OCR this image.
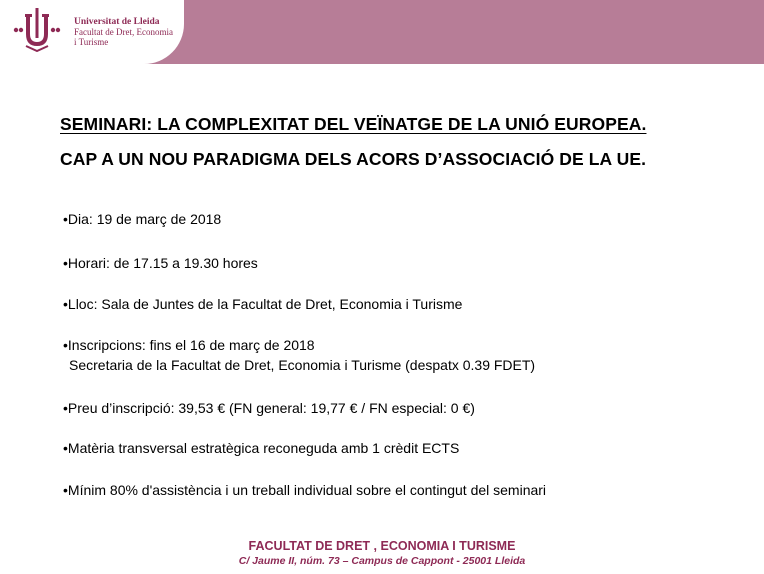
Universitat de Lleida
Facultat de Dret, Economia
i Turisme
SEMINARI: LA COMPLEXITAT DEL VEÏNATGE DE LA UNIÓ EUROPEA.
CAP A UN NOU PARADIGMA DELS ACORS D’ASSOCIACIÓ DE LA UE.
•Dia: 19 de març de 2018
•Horari: de 17.15 a 19.30 hores
•Lloc: Sala de Juntes de la Facultat de Dret, Economia i Turisme
•Inscripcions: fins el 16 de març de 2018
Secretaria de la Facultat de Dret, Economia i Turisme (despatx 0.39 FDET)
•Preu d’inscripció: 39,53 € (FN general: 19,77 € / FN especial: 0 €)
•Matèria transversal estratègica reconeguda amb 1 crèdit ECTS
•Mínim 80% d'assistència i un treball individual sobre el contingut del seminari
FACULTAT DE DRET , ECONOMIA I TURISME
C/ Jaume II, núm. 73 – Campus de Cappont - 25001 Lleida
